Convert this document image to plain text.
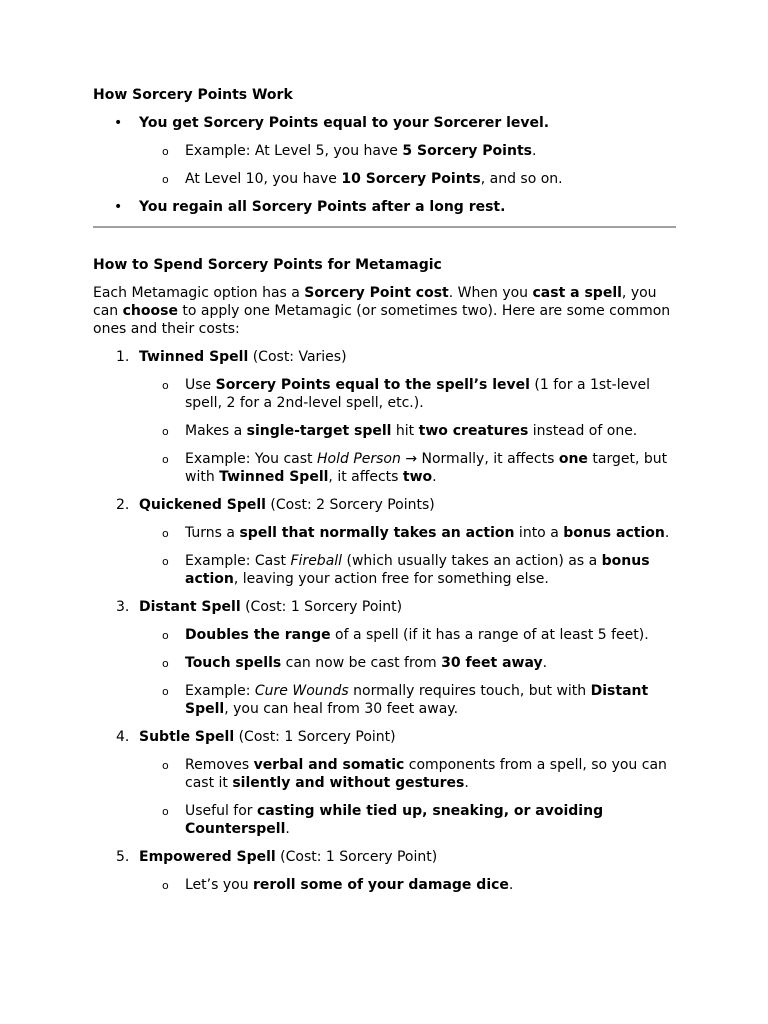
How Sorcery Points Work
• You get Sorcery Points equal to your Sorcerer level.
o Example: At Level 5, you have 5 Sorcery Points.
o At Level 10, you have 10 Sorcery Points, and so on.
• You regain all Sorcery Points after a long rest.
How to Spend Sorcery Points for Metamagic

Each Metamagic option has a Sorcery Point cost. When you cast a spell, you can choose to apply one Metamagic (or sometimes two). Here are some common ones and their costs:

1. Twinned Spell (Cost: Varies)
o Use Sorcery Points equal to the spell’s level (1 for a 1st-level spell, 2 for a 2nd-level spell, etc.).
o Makes a single-target spell hit two creatures instead of one.
o Example: You cast Hold Person → Normally, it affects one target, but with Twinned Spell, it affects two.
2. Quickened Spell (Cost: 2 Sorcery Points)
o Turns a spell that normally takes an action into a bonus action.
o Example: Cast Fireball (which usually takes an action) as a bonus action, leaving your action free for something else.
3. Distant Spell (Cost: 1 Sorcery Point)
o Doubles the range of a spell (if it has a range of at least 5 feet).
o Touch spells can now be cast from 30 feet away.
o Example: Cure Wounds normally requires touch, but with Distant Spell, you can heal from 30 feet away.
4. Subtle Spell (Cost: 1 Sorcery Point)
o Removes verbal and somatic components from a spell, so you can cast it silently and without gestures.
o Useful for casting while tied up, sneaking, or avoiding Counterspell.
5. Empowered Spell (Cost: 1 Sorcery Point)
o Let’s you reroll some of your damage dice.
